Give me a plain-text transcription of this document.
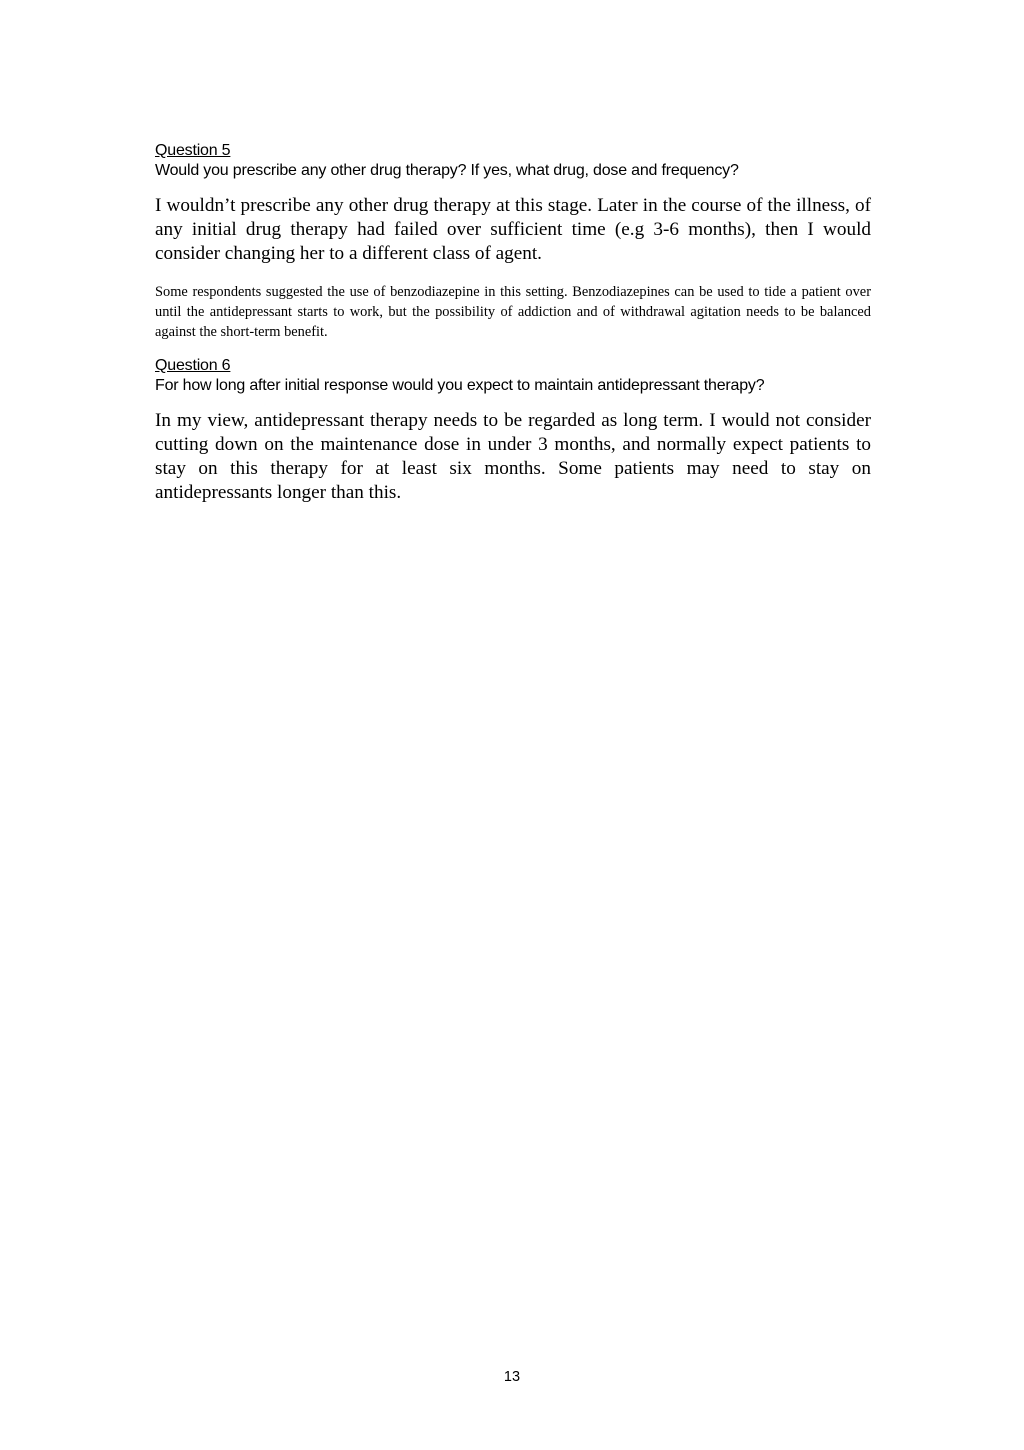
Question 5
Would you prescribe any other drug therapy? If yes, what drug, dose and frequency?

I wouldn’t prescribe any other drug therapy at this stage. Later in the course of the illness, of any initial drug therapy had failed over sufficient time (e.g 3-6 months), then I would consider changing her to a different class of agent.

Some respondents suggested the use of benzodiazepine in this setting. Benzodiazepines can be used to tide a patient over until the antidepressant starts to work, but the possibility of addiction and of withdrawal agitation needs to be balanced against the short-term benefit.

Question 6
For how long after initial response would you expect to maintain antidepressant therapy?

In my view, antidepressant therapy needs to be regarded as long term. I would not consider cutting down on the maintenance dose in under 3 months, and normally expect patients to stay on this therapy for at least six months. Some patients may need to stay on antidepressants longer than this.

13
